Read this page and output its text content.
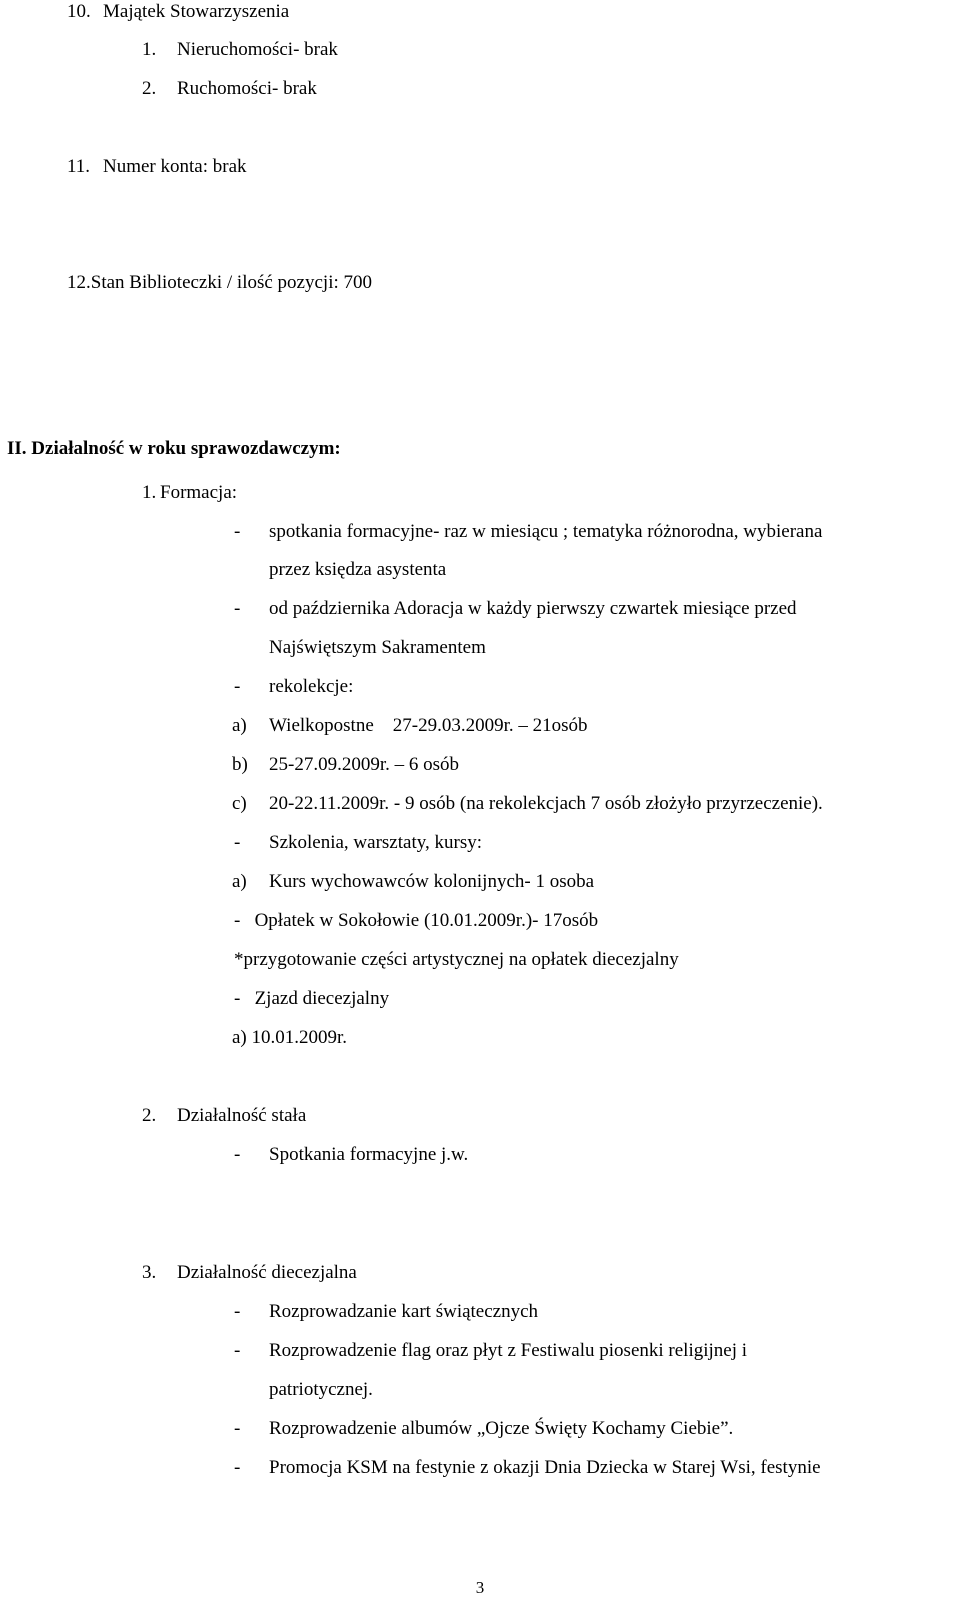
10. Majątek Stowarzyszenia
1. Nieruchomości- brak
2. Ruchomości- brak
11. Numer konta: brak
12.Stan Biblioteczki / ilość pozycji: 700
II. Działalność w roku sprawozdawczym:
1. Formacja:
- spotkania formacyjne- raz w miesiącu ; tematyka różnorodna, wybierana
przez księdza asystenta
- od października Adoracja w każdy pierwszy czwartek miesiące przed
Najświętszym Sakramentem
- rekolekcje:
a) Wielkopostne    27-29.03.2009r. – 21osób
b) 25-27.09.2009r. – 6 osób
c) 20-22.11.2009r. - 9 osób (na rekolekcjach 7 osób złożyło przyrzeczenie).
- Szkolenia, warsztaty, kursy:
a) Kurs wychowawców kolonijnych- 1 osoba
-   Opłatek w Sokołowie (10.01.2009r.)- 17osób
*przygotowanie części artystycznej na opłatek diecezjalny
-   Zjazd diecezjalny
a) 10.01.2009r.
2. Działalność stała
- Spotkania formacyjne j.w.
3. Działalność diecezjalna
- Rozprowadzanie kart świątecznych
- Rozprowadzenie flag oraz płyt z Festiwalu piosenki religijnej i
patriotycznej.
- Rozprowadzenie albumów „Ojcze Święty Kochamy Ciebie”.
- Promocja KSM na festynie z okazji Dnia Dziecka w Starej Wsi, festynie
3
